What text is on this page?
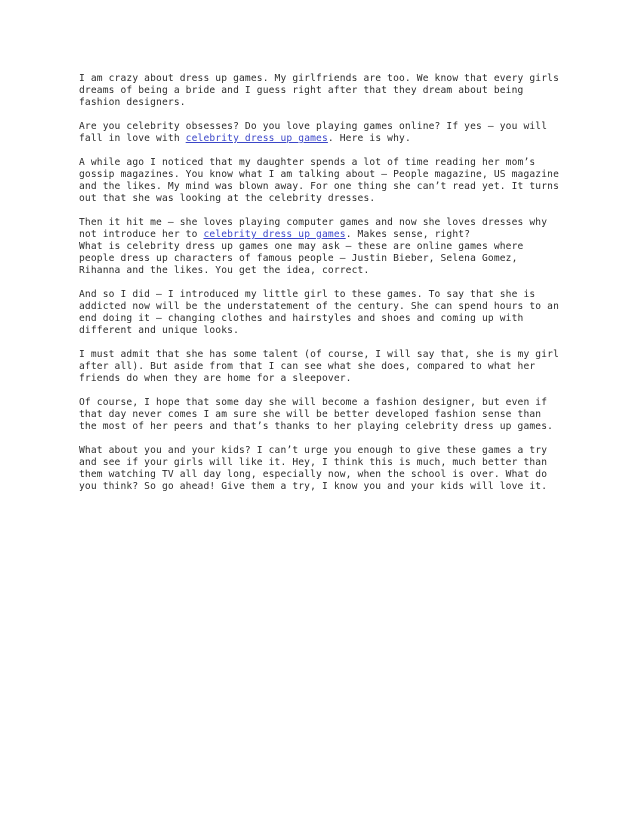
I am crazy about dress up games. My girlfriends are too. We know that every girls dreams of being a bride and I guess right after that they dream about being fashion designers.

Are you celebrity obsesses? Do you love playing games online? If yes – you will fall in love with celebrity dress up games. Here is why.

A while ago I noticed that my daughter spends a lot of time reading her mom’s gossip magazines. You know what I am talking about – People magazine, US magazine and the likes. My mind was blown away. For one thing she can’t read yet. It turns out that she was looking at the celebrity dresses.

Then it hit me – she loves playing computer games and now she loves dresses why not introduce her to celebrity dress up games. Makes sense, right?

What is celebrity dress up games one may ask – these are online games where people dress up characters of famous people – Justin Bieber, Selena Gomez, Rihanna and the likes. You get the idea, correct.

And so I did – I introduced my little girl to these games. To say that she is addicted now will be the understatement of the century. She can spend hours to an end doing it – changing clothes and hairstyles and shoes and coming up with different and unique looks.

I must admit that she has some talent (of course, I will say that, she is my girl after all). But aside from that I can see what she does, compared to what her friends do when they are home for a sleepover.

Of course, I hope that some day she will become a fashion designer, but even if that day never comes I am sure she will be better developed fashion sense than the most of her peers and that’s thanks to her playing celebrity dress up games.

What about you and your kids? I can’t urge you enough to give these games a try and see if your girls will like it. Hey, I think this is much, much better than them watching TV all day long, especially now, when the school is over. What do you think? So go ahead! Give them a try, I know you and your kids will love it.
